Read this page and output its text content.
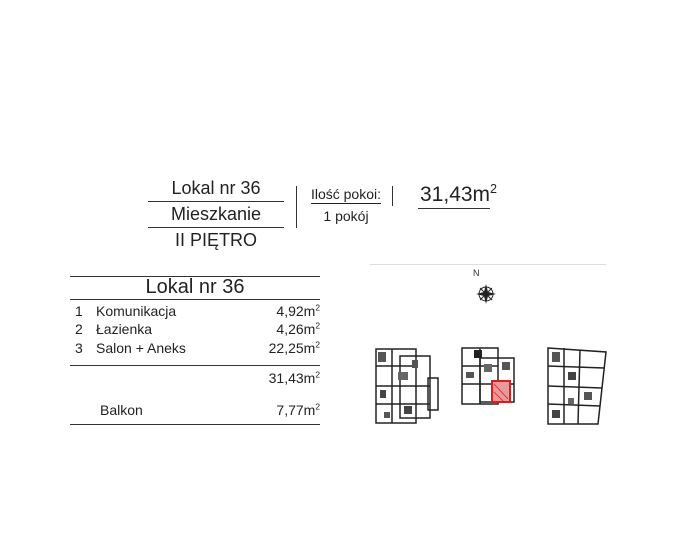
Lokal nr 36
Mieszkanie
II PIĘTRO
Ilość pokoi:
1 pokój
$31,43m^2$
Lokal nr 36
1 Komunikacja	$4,92m^2$
2 Łazienka	$4,26m^2$
3 Salon + Aneks	$22,25m^2$
$31,43m^2$
Balkon	$7,77m^2$
N
